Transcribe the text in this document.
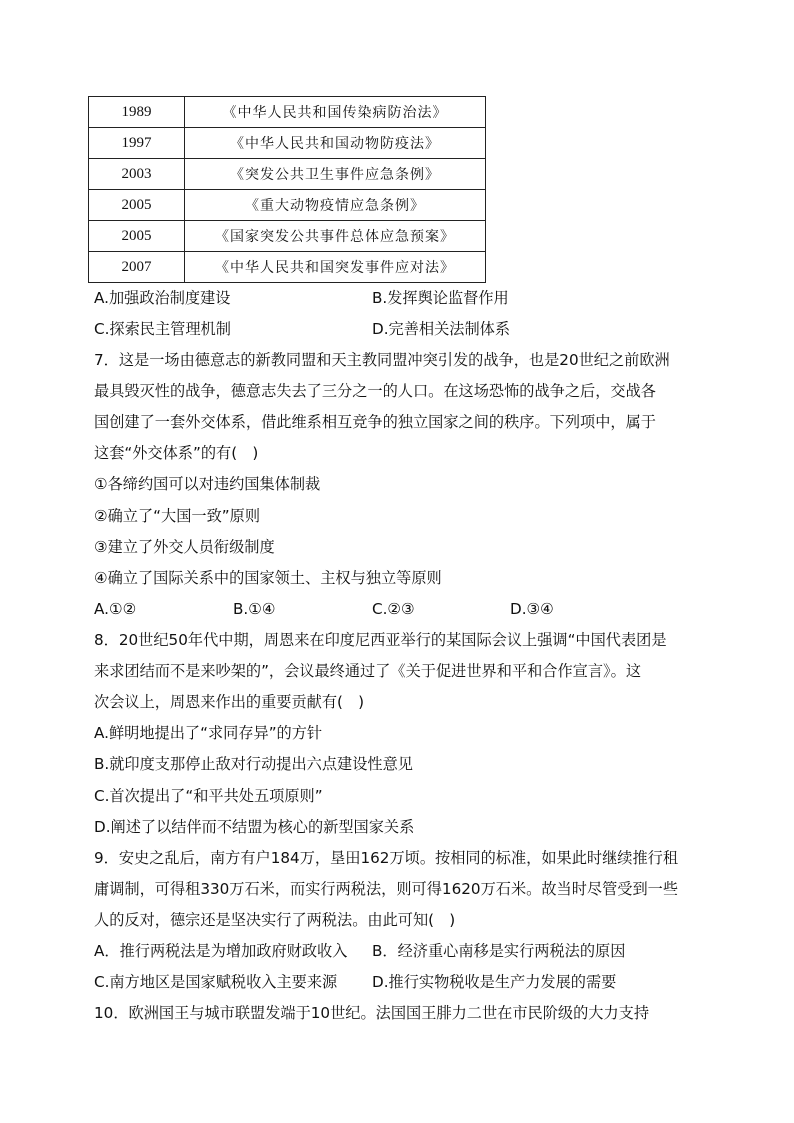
1989	《中华人民共和国传染病防治法》
1997	《中华人民共和国动物防疫法》
2003	《突发公共卫生事件应急条例》
2005	《重大动物疫情应急条例》
2005	《国家突发公共事件总体应急预案》
2007	《中华人民共和国突发事件应对法》
A.加强政治制度建设	B.发挥舆论监督作用
C.探索民主管理机制	D.完善相关法制体系
7．这是一场由德意志的新教同盟和天主教同盟冲突引发的战争，也是20世纪之前欧洲
最具毁灭性的战争，德意志失去了三分之一的人口。在这场恐怖的战争之后，交战各
国创建了一套外交体系，借此维系相互竞争的独立国家之间的秩序。下列项中，属于
这套“外交体系”的有(　)
①各缔约国可以对违约国集体制裁
②确立了“大国一致”原则
③建立了外交人员衔级制度
④确立了国际关系中的国家领土、主权与独立等原则
A.①②	B.①④	C.②③	D.③④
8．20世纪50年代中期，周恩来在印度尼西亚举行的某国际会议上强调“中国代表团是
来求团结而不是来吵架的”，会议最终通过了《关于促进世界和平和合作宣言》。这
次会议上，周恩来作出的重要贡献有(　)
A.鲜明地提出了“求同存异”的方针
B.就印度支那停止敌对行动提出六点建设性意见
C.首次提出了“和平共处五项原则”
D.阐述了以结伴而不结盟为核心的新型国家关系
9．安史之乱后，南方有户184万，垦田162万顷。按相同的标准，如果此时继续推行租
庸调制，可得租330万石米，而实行两税法，则可得1620万石米。故当时尽管受到一些
人的反对，德宗还是坚决实行了两税法。由此可知(　)
A．推行两税法是为增加政府财政收入 B．经济重心南移是实行两税法的原因
C.南方地区是国家赋税收入主要来源 D.推行实物税收是生产力发展的需要
10．欧洲国王与城市联盟发端于10世纪。法国国王腓力二世在市民阶级的大力支持
